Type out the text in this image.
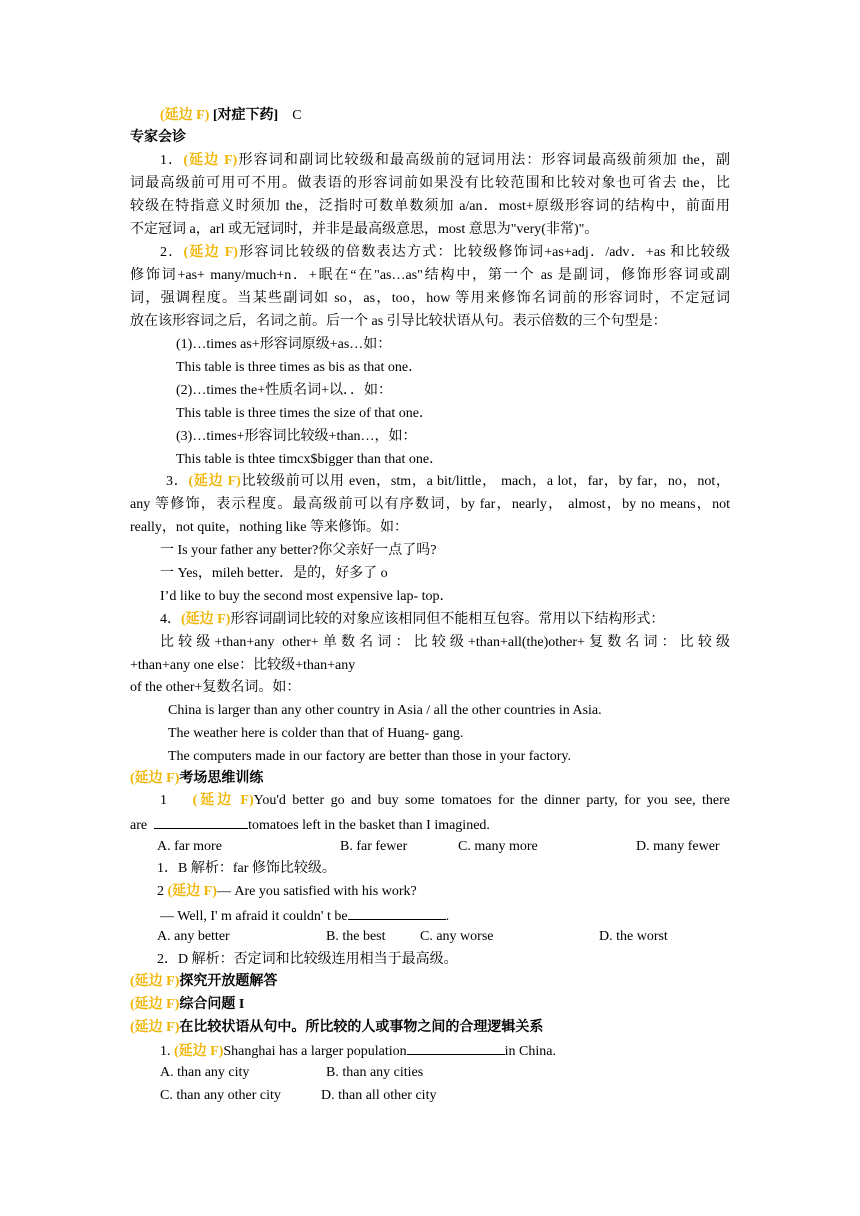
(延边 F) [对症下药] C
专家会诊
1．(延边 F)形容词和副词比较级和最高级前的冠词用法：形容词最高级前须加 the，副
词最高级前可用可不用。做表语的形容词前如果没有比较范围和比较对象也可省去 the，比
较级在特指意义时须加 the，泛指时可数单数须加 a/an．most+原级形容词的结构中，前面用
不定冠词 a，arl 或无冠词时，并非是最高级意思，most 意思为"very(非常)"。
2．(延边 F)形容词比较级的倍数表达方式：比较级修饰词+as+adj．/adv．+as 和比较级
修饰词+as+ many/much+n．+眠在“在"as…as"结构中，第一个 as 是副词，修饰形容词或副
词，强调程度。当某些副词如 so，as，too，how 等用来修饰名词前的形容词时，不定冠词
放在该形容词之后，名词之前。后一个 as 引导比较状语从句。表示倍数的三个句型是：
(1)…times as+形容词原级+as…如：
This table is three times as bis as that one．
(2)…times the+性质名词+以．．如：
This table is three times the size of that one．
(3)…times+形容词比较级+than…，如：
This table is thtee timcx$bigger than that one．
3．(延边 F)比较级前可以用 even，stm，a bit/little， mach，a lot，far，by far，no，not，
any 等修饰，表示程度。最高级前可以有序数词，by far，nearly， almost，by no means，not
really，not quite，nothing like 等来修饰。如：
一 Is your father any better?你父亲好一点了吗?
一 Yes，mileh better．是的，好多了 o
I’d like to buy the second most expensive lap- top．
4．(延边 F)形容词副词比较的对象应该相同但不能相互包容。常用以下结构形式：
比较级+than+any other+单数名词：比较级+than+all(the)other+复数名词：比较级
+than+any one else：比较级+than+any
of the other+复数名词。如：
China is larger than any other country in Asia / all the other countries in Asia.
The weather here is colder than that of Huang- gang.
The computers made in our factory are better than those in your factory.
(延边 F)考场思维训练
1 (延边 F)You'd better go and buy some tomatoes for the dinner party, for you see, there
are	tomatoes left in the basket than I imagined.
A. far more	B. far fewer	C. many more	D. many fewer
1．B 解析：far 修饰比较级。
2 (延边 F)— Are you satisfied with his work?
— Well, I' m afraid it couldn' t be	.
A. any better	B. the best C. any worse	D. the worst
2．D 解析：否定词和比较级连用相当于最高级。
(延边 F)探究开放题解答
(延边 F)综合问题 I
(延边 F)在比较状语从句中。所比较的人或事物之间的合理逻辑关系
1. (延边 F)Shanghai has a larger population	in China.
A. than any city	B. than any cities
C. than any other city	D. than all other city
